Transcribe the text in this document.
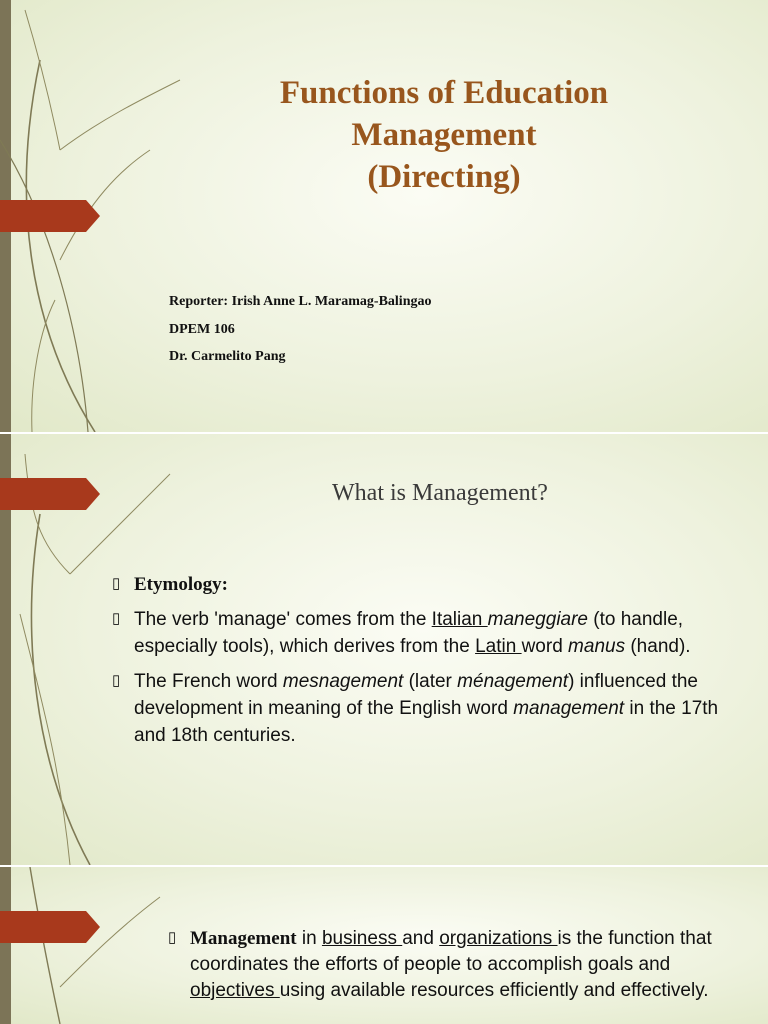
Functions of Education
Management
(Directing)
Reporter: Irish Anne L. Maramag-Balingao
DPEM 106
Dr. Carmelito Pang
What is Management?
▯ Etymology:
▯ The verb 'manage' comes from the Italian maneggiare (to handle, especially tools), which derives from the Latin word manus (hand).
▯ The French word mesnagement (later ménagement) influenced the development in meaning of the English word management in the 17th and 18th centuries.
▯ Management in business and organizations is the function that coordinates the efforts of people to accomplish goals and objectives using available resources efficiently and effectively.
